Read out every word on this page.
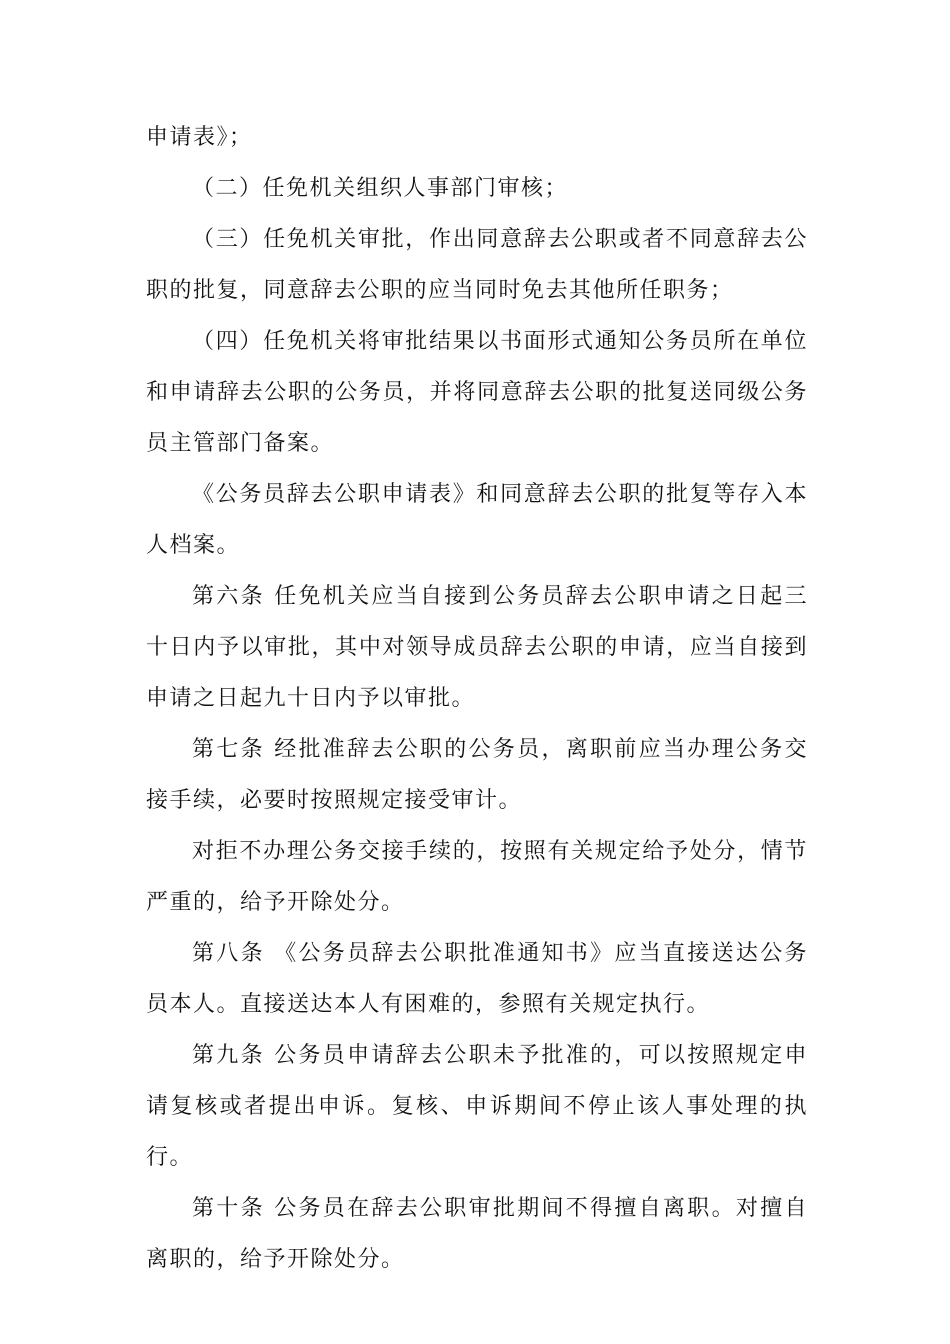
申请表》；

（二）任免机关组织人事部门审核；

（三）任免机关审批，作出同意辞去公职或者不同意辞去公职的批复，同意辞去公职的应当同时免去其他所任职务；

（四）任免机关将审批结果以书面形式通知公务员所在单位和申请辞去公职的公务员，并将同意辞去公职的批复送同级公务员主管部门备案。

《公务员辞去公职申请表》和同意辞去公职的批复等存入本人档案。

第六条 任免机关应当自接到公务员辞去公职申请之日起三十日内予以审批，其中对领导成员辞去公职的申请，应当自接到申请之日起九十日内予以审批。

第七条 经批准辞去公职的公务员，离职前应当办理公务交接手续，必要时按照规定接受审计。

对拒不办理公务交接手续的，按照有关规定给予处分，情节严重的，给予开除处分。

第八条 《公务员辞去公职批准通知书》应当直接送达公务员本人。直接送达本人有困难的，参照有关规定执行。

第九条 公务员申请辞去公职未予批准的，可以按照规定申请复核或者提出申诉。复核、申诉期间不停止该人事处理的执行。

第十条 公务员在辞去公职审批期间不得擅自离职。对擅自离职的，给予开除处分。
